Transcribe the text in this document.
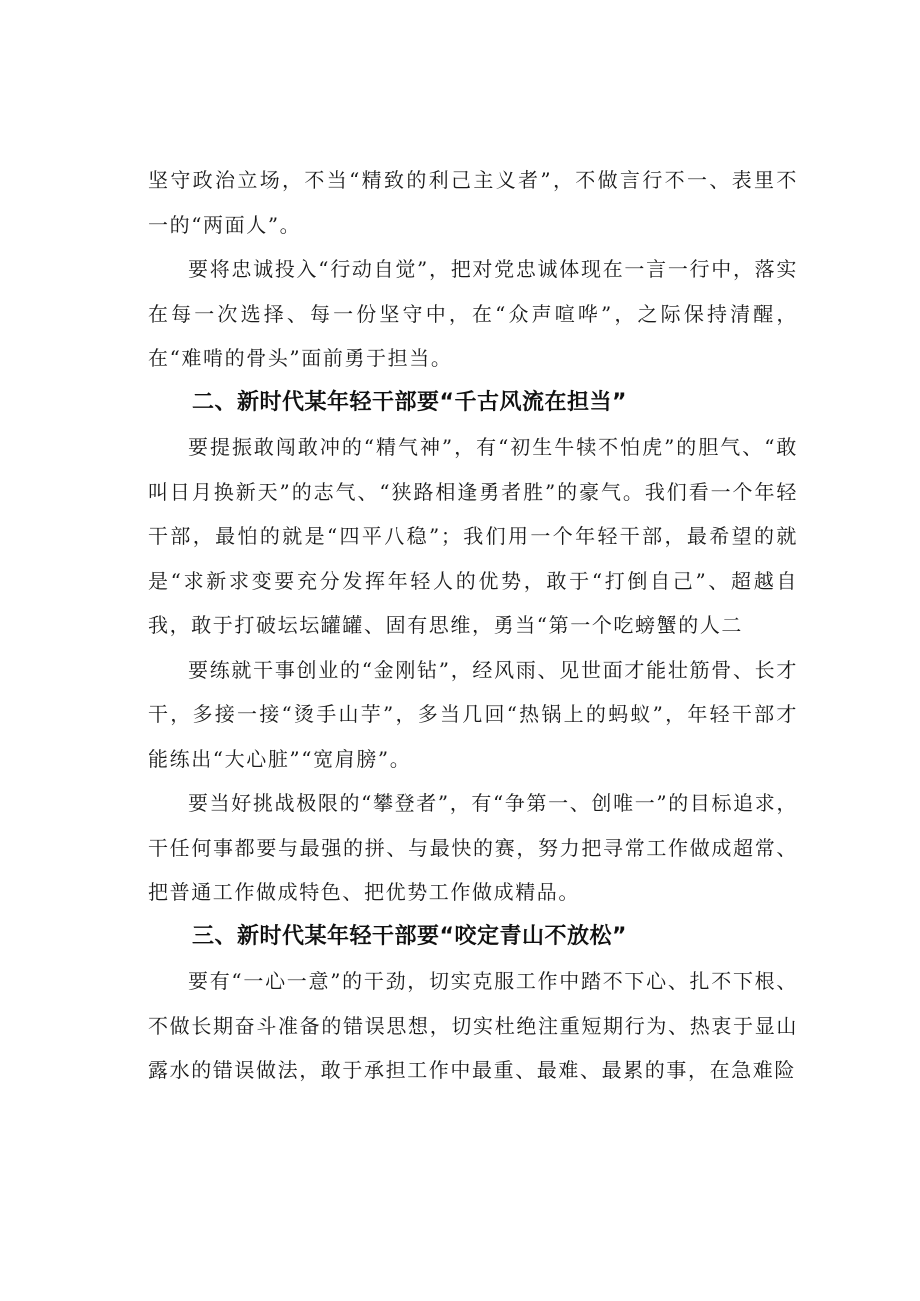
坚守政治立场，不当“精致的利己主义者”，不做言行不一、表里不一的“两面人”。

要将忠诚投入“行动自觉”，把对党忠诚体现在一言一行中，落实在每一次选择、每一份坚守中，在“众声喧哗”，之际保持清醒，在“难啃的骨头”面前勇于担当。

二、新时代某年轻干部要“千古风流在担当”

要提振敢闯敢冲的“精气神”，有“初生牛犊不怕虎”的胆气、“敢叫日月换新天”的志气、“狭路相逢勇者胜”的豪气。我们看一个年轻干部，最怕的就是“四平八稳”；我们用一个年轻干部，最希望的就是“求新求变要充分发挥年轻人的优势，敢于“打倒自己”、超越自我，敢于打破坛坛罐罐、固有思维，勇当“第一个吃螃蟹的人二

要练就干事创业的“金刚钻”，经风雨、见世面才能壮筋骨、长才干，多接一接“烫手山芋”，多当几回“热锅上的蚂蚁”，年轻干部才能练出“大心脏”“宽肩膀”。

要当好挑战极限的“攀登者”，有“争第一、创唯一”的目标追求，干任何事都要与最强的拼、与最快的赛，努力把寻常工作做成超常、把普通工作做成特色、把优势工作做成精品。

三、新时代某年轻干部要“咬定青山不放松”

要有“一心一意”的干劲，切实克服工作中踏不下心、扎不下根、不做长期奋斗准备的错误思想，切实杜绝注重短期行为、热衷于显山露水的错误做法，敢于承担工作中最重、最难、最累的事，在急难险
